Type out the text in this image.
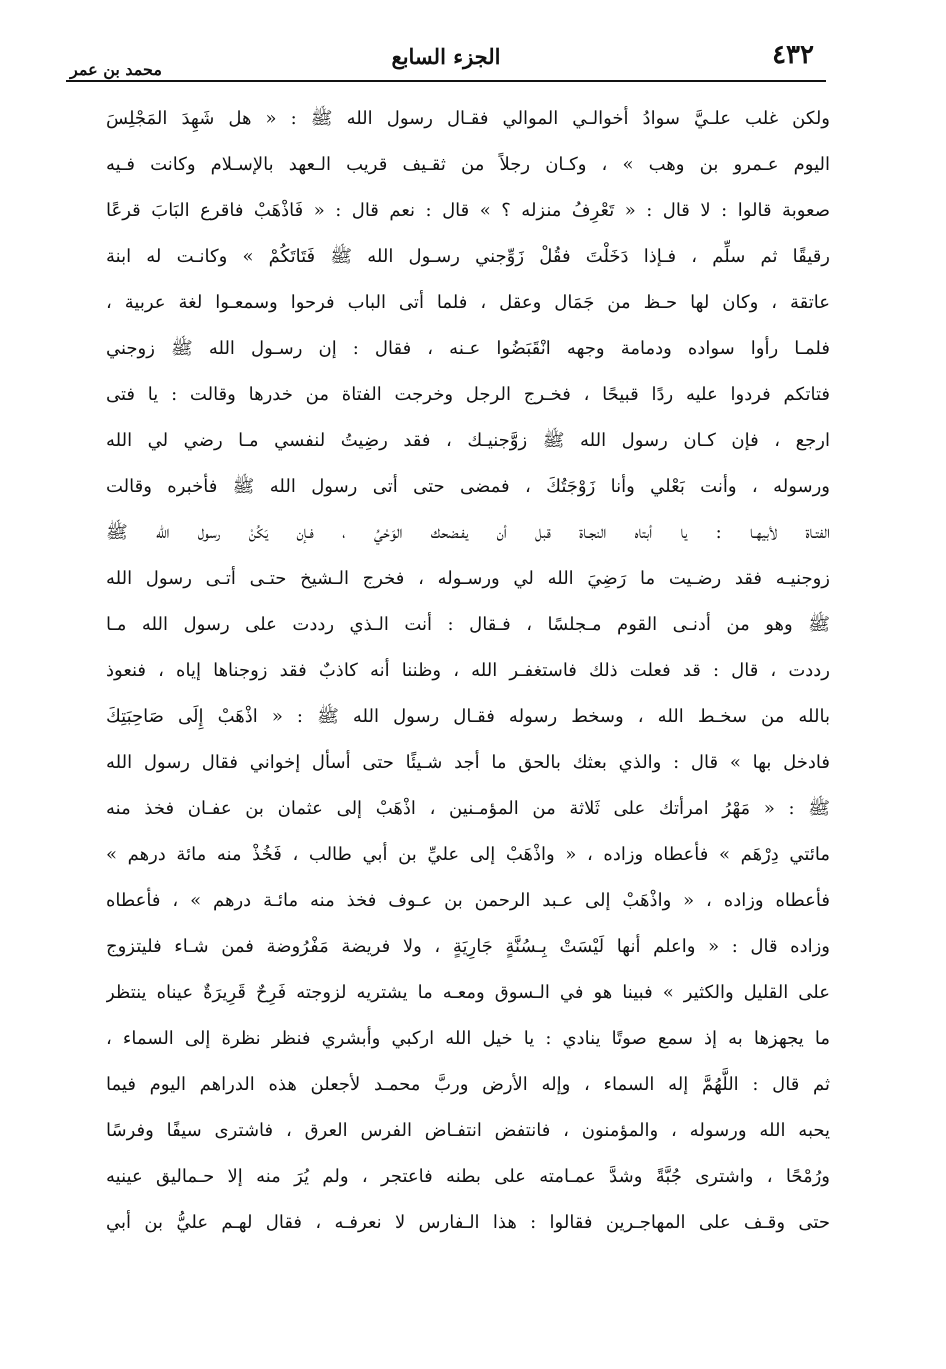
٤٣٢
الجزء السابع
محمد بن عمر
ولكن غلب علـيَّ سوادُ أخوالـي الموالي فقـال رسول الله ﷺ : « هل شَهِدَ المَجْلِسَ
اليوم عـمرو بن وهب » ، وكـان رجلاً من ثقـيف قريب الـعهد بالإسـلام وكانت فـيه
صعوبة قالوا : لا قال : « تَعْرِفُ منزله ؟ » قال : نعم قال : « فَاذْهَبْ فاقرع البَابَ قرعًا
رقيقًا ثم سلِّم ، فـإذا دَخَلْتَ فقُلْ زَوِّجني رسـول الله ﷺ فَتَاتَكُمْ » وكانـت له ابنة
عاتقة ، وكان لها حـظ من جَمَال وعقل ، فلما أتى الباب فرحوا وسمعـوا لغة عربية ،
فلمـا رأوا سواده ودمامة وجهه انْقَبَضُوا عـنه ، فقال : إن رسـول الله ﷺ زوجني
فتاتكم فردوا عليه ردًا قبيحًا ، فخـرج الرجل وخرجت الفتاة من خدرها وقالت : يا فتى
ارجع ، فإن كـان رسول الله ﷺ زوَّجنيـك ، فقد رضِيتُ لنفسي مـا رضي لي الله
ورسوله ، وأنت بَعْلي وأنا زَوْجَتُكَ ، فمضى حتى أتى رسول الله ﷺ فأخبره وقالت
الفتـاة لأبيهـا : يا أبتاه النجـاة قبل أن يفـضحك الوَحْيُ ، فـإن يَكُنْ رسول الله ﷺ
زوجنيـه فقد رضـيت ما رَضِيَ الله لي ورسـوله ، فخرج الـشيخ حتـى أتـى رسول الله
ﷺ وهو من أدنـى القوم مـجلسًا ، فـقال : أنت الـذي رددت على رسول الله مـا
رددت ، قال : قد فعلت ذلك فاستغفـر الله ، وظننا أنه كاذبٌ فقد زوجناها إياه ، فنعوذ
بالله من سخـط الله ، وسخط رسوله فقـال رسول الله ﷺ : « اذْهَبْ إِلَى صَاحِبَتِكَ
فادخل بها » قال : والذي بعثك بالحق ما أجد شـيئًا حتى أسأل إخواني فقال رسول الله
ﷺ : « مَهْرُ امرأتك على ثَلاثة من المؤمـنين ، اذْهَبْ إلى عثمان بن عفـان فخذ منه
مائتي دِرْهَم » فأعطاه وزاده ، « واذْهَبْ إلى عليِّ بن أبي طالب ، فَخُذْ منه مائة درهم »
فأعطاه وزاده ، « واذْهَبْ إلى عـبد الرحمن بن عـوف فخذ منه مائـة درهم » ، فأعطاه
وزاده قال : « واعلم أنها لَيْسَتْ بِـسُنَّةٍ جَارِيَةٍ ، ولا فريضة مَفْرُوضة فمن شـاء فليتزوج
على القليل والكثير » فبينا هو في الـسوق ومعـه ما يشتريه لزوجته فَرِحٌ قَرِيرَةٌ عيناه ينتظر
ما يجهزها به إذ سمع صوتًا ينادي : يا خيل الله اركبي وأبشري فنظر نظرة إلى السماء ،
ثم قال : اللَّهُمَّ إله السماء ، وإله الأرض وربَّ محمـد لأجعلن هذه الدراهم اليوم فيما
يحبه الله ورسوله ، والمؤمنون ، فانتفض انتفـاض الفرس العرق ، فاشترى سيفًا وفرسًا
ورُمْحًا ، واشترى جُبَّةً وشدَّ عمـامته على بطنه فاعتجر ، ولم يُرَ منه إلا حـماليق عينيه
حتى وقـف على المهاجـرين فقالوا : هذا الـفارس لا نعرفـه ، فقال لهـم عليُّ بن أبي
